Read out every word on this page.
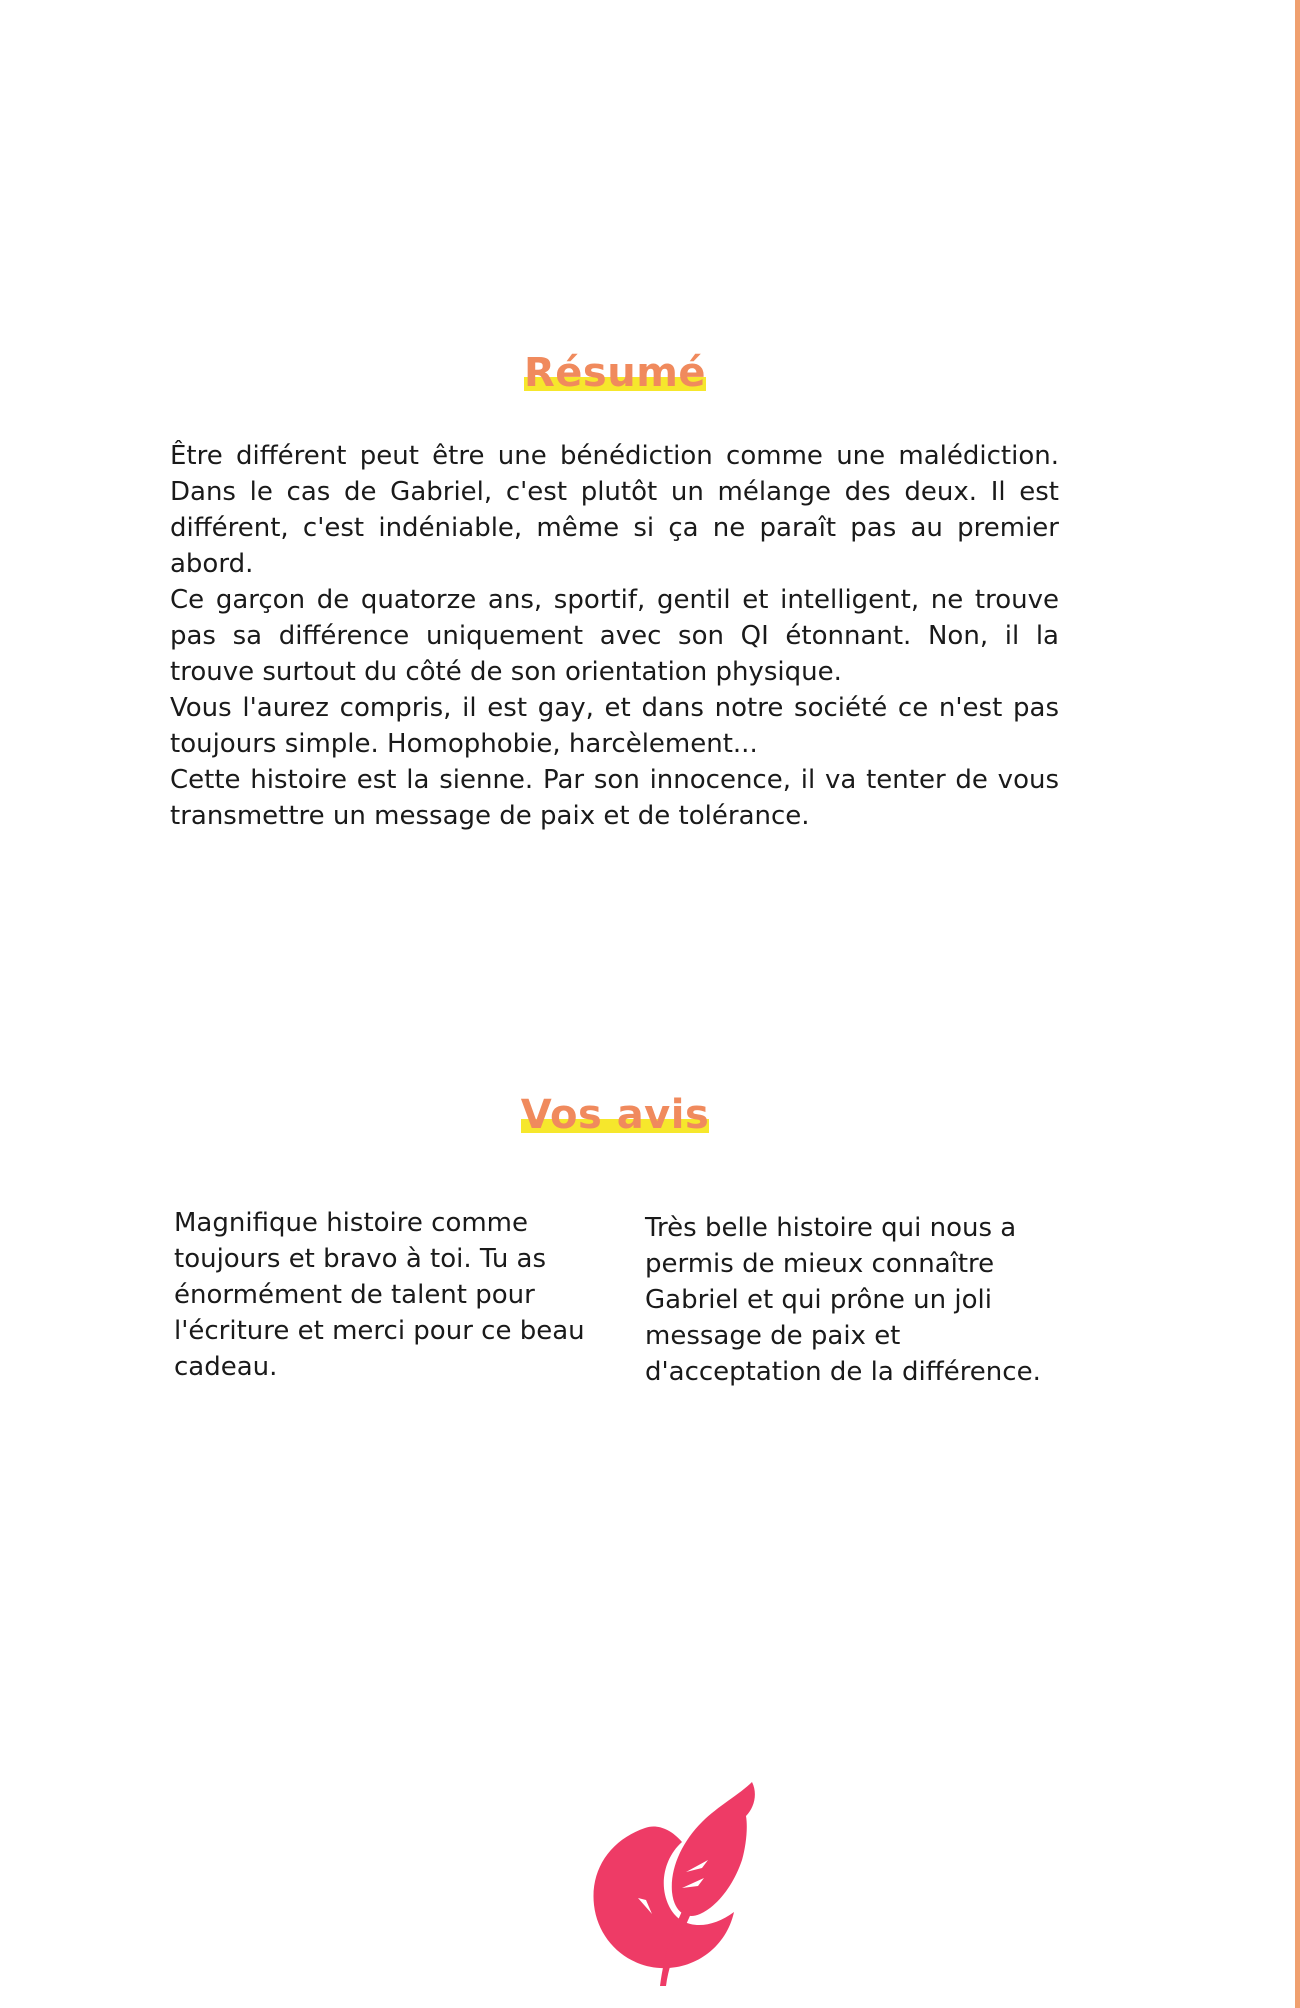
Résumé

Être différent peut être une bénédiction comme une malédiction. Dans le cas de Gabriel, c'est plutôt un mélange des deux. Il est différent, c'est indéniable, même si ça ne paraît pas au premier abord.

Ce garçon de quatorze ans, sportif, gentil et intelligent, ne trouve pas sa différence uniquement avec son QI étonnant. Non, il la trouve surtout du côté de son orientation physique.

Vous l'aurez compris, il est gay, et dans notre société ce n'est pas toujours simple. Homophobie, harcèlement...

Cette histoire est la sienne. Par son innocence, il va tenter de vous transmettre un message de paix et de tolérance.

Vos avis
Magnifique histoire comme toujours et bravo à toi. Tu as énormément de talent pour l'écriture et merci pour ce beau cadeau.
Très belle histoire qui nous a permis de mieux connaître Gabriel et qui prône un joli message de paix et d'acceptation de la différence.
